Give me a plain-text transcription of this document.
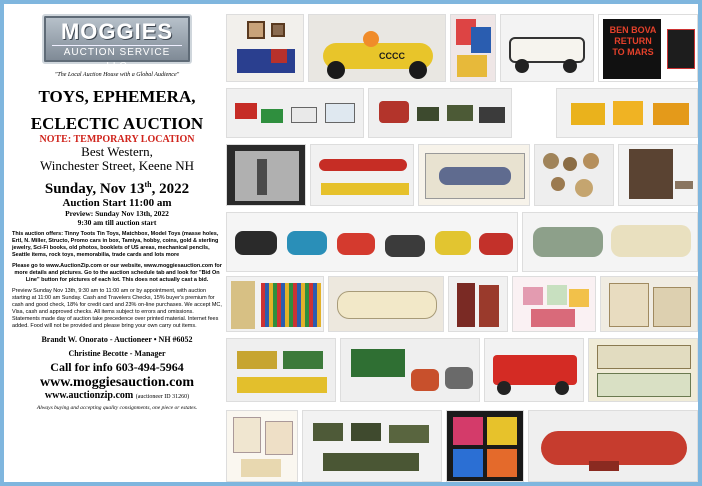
MOGGIES
AUCTION SERVICE LLC
"The Local Auction House with a Global Audience"
TOYS, EPHEMERA,
ECLECTIC AUCTION
NOTE: TEMPORARY LOCATION
Best Western,
Winchester Street, Keene NH
Sunday, Nov 13th, 2022
Auction Start 11:00 am
Preview: Sunday Nov 13th, 2022
9:30 am till auction start
This auction offers: Tinny Toots Tin Toys, Matchbox, Model Toys (masse holes, Ertl, N. Miller, Structo, Promo cars in box, Tamiya, hobby, coins, gold & sterling jewelry, Sci-Fi books, old photos, booklets of US areas, mechanical pencils, Seattle items, rock toys, memorabilia, trade cards and lots more
Please go to www.AuctionZip.com or our website, www.moggiesauction.com for more details and pictures. Go to the auction schedule tab and look for "Bid On Line" button for pictures of each lot. This does not actually cast a bid.
Preview Sunday Nov 13th, 9:30 am to 11:00 am or by appointment, with auction starting at 11:00 am Sunday. Cash and Travelers Checks, 15% buyer's premium for cash and good check, 18% for credit card and 23% on-line purchases. We accept MC, Visa, cash and approved checks. All items subject to errors and omissions. Statements made day of auction take precedence over printed material. Internet fees added. Food will not be provided and please bring your own carry out items.
Brandt W. Onorato - Auctioneer • NH #6052
Christine Becotte - Manager
Call for info 603-494-5964
www.moggiesauction.com
www.auctionzip.com (auctioneer ID 31260)
Always buying and accepting quality consignments, one piece or estates.
CCCC
BEN BOVA RETURN TO MARS
